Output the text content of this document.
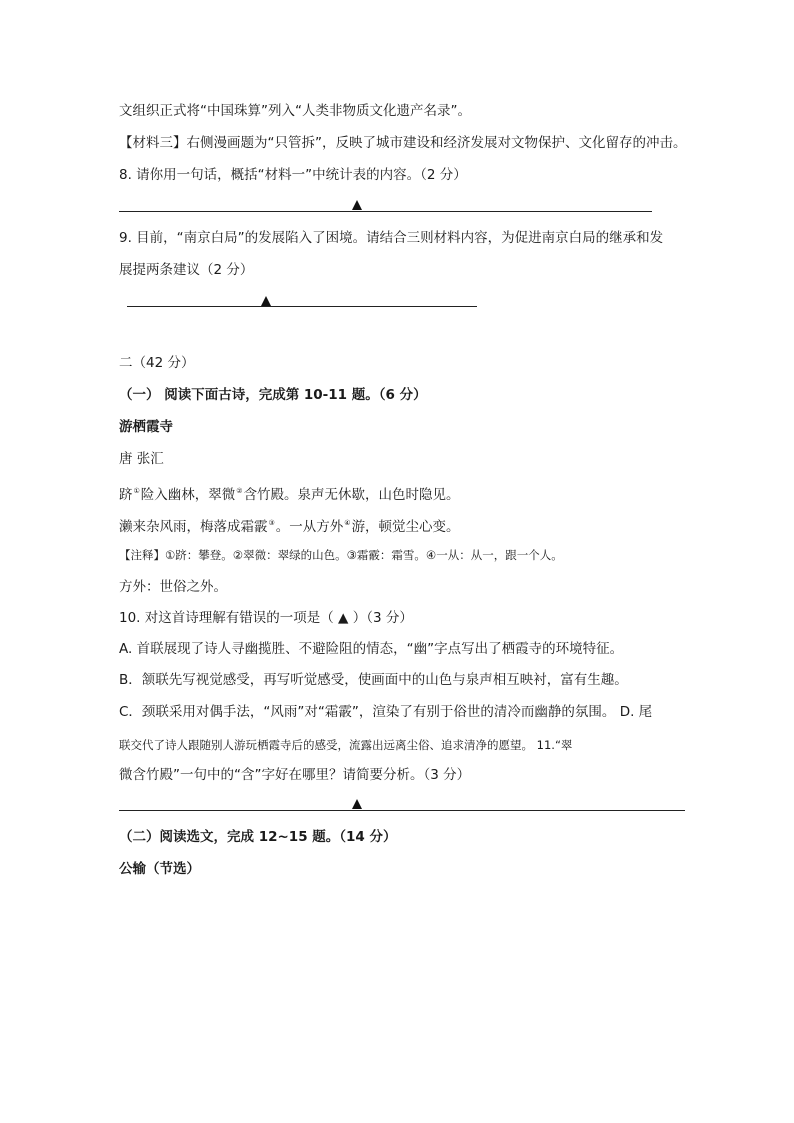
文组织正式将“中国珠算”列入“人类非物质文化遗产名录”。
【材料三】右侧漫画题为“只管拆”，反映了城市建设和经济发展对文物保护、文化留存的冲击。
8. 请你用一句话，概括“材料一”中统计表的内容。（2 分）
9. 目前，“南京白局”的发展陷入了困境。请结合三则材料内容，为促进南京白局的继承和发
展提两条建议（2 分）
二（42 分）
（一） 阅读下面古诗，完成第 10-11 题。（6 分）
游栖霞寺
唐 张汇
跻①险入幽林，翠微②含竹殿。泉声无休歇，山色时隐见。
濑来杂风雨，梅落成霜霰③。一从方外④游，顿觉尘心变。
【注释】①跻：攀登。②翠微：翠绿的山色。③霜霰：霜雪。④一从：从一，跟一个人。
方外：世俗之外。
10. 对这首诗理解有错误的一项是（ ▲ ）（3 分）
A. 首联展现了诗人寻幽揽胜、不避险阻的情态，“幽”字点写出了栖霞寺的环境特征。
B．颔联先写视觉感受，再写听觉感受，使画面中的山色与泉声相互映衬，富有生趣。
C．颈联采用对偶手法，“风雨”对“霜霰”，渲染了有别于俗世的清冷而幽静的氛围。 D. 尾
联交代了诗人跟随别人游玩栖霞寺后的感受，流露出远离尘俗、追求清净的愿望。 11.“翠
微含竹殿”一句中的“含”字好在哪里？请简要分析。（3 分）
（二）阅读选文，完成 12~15 题。（14 分）
公输（节选）
